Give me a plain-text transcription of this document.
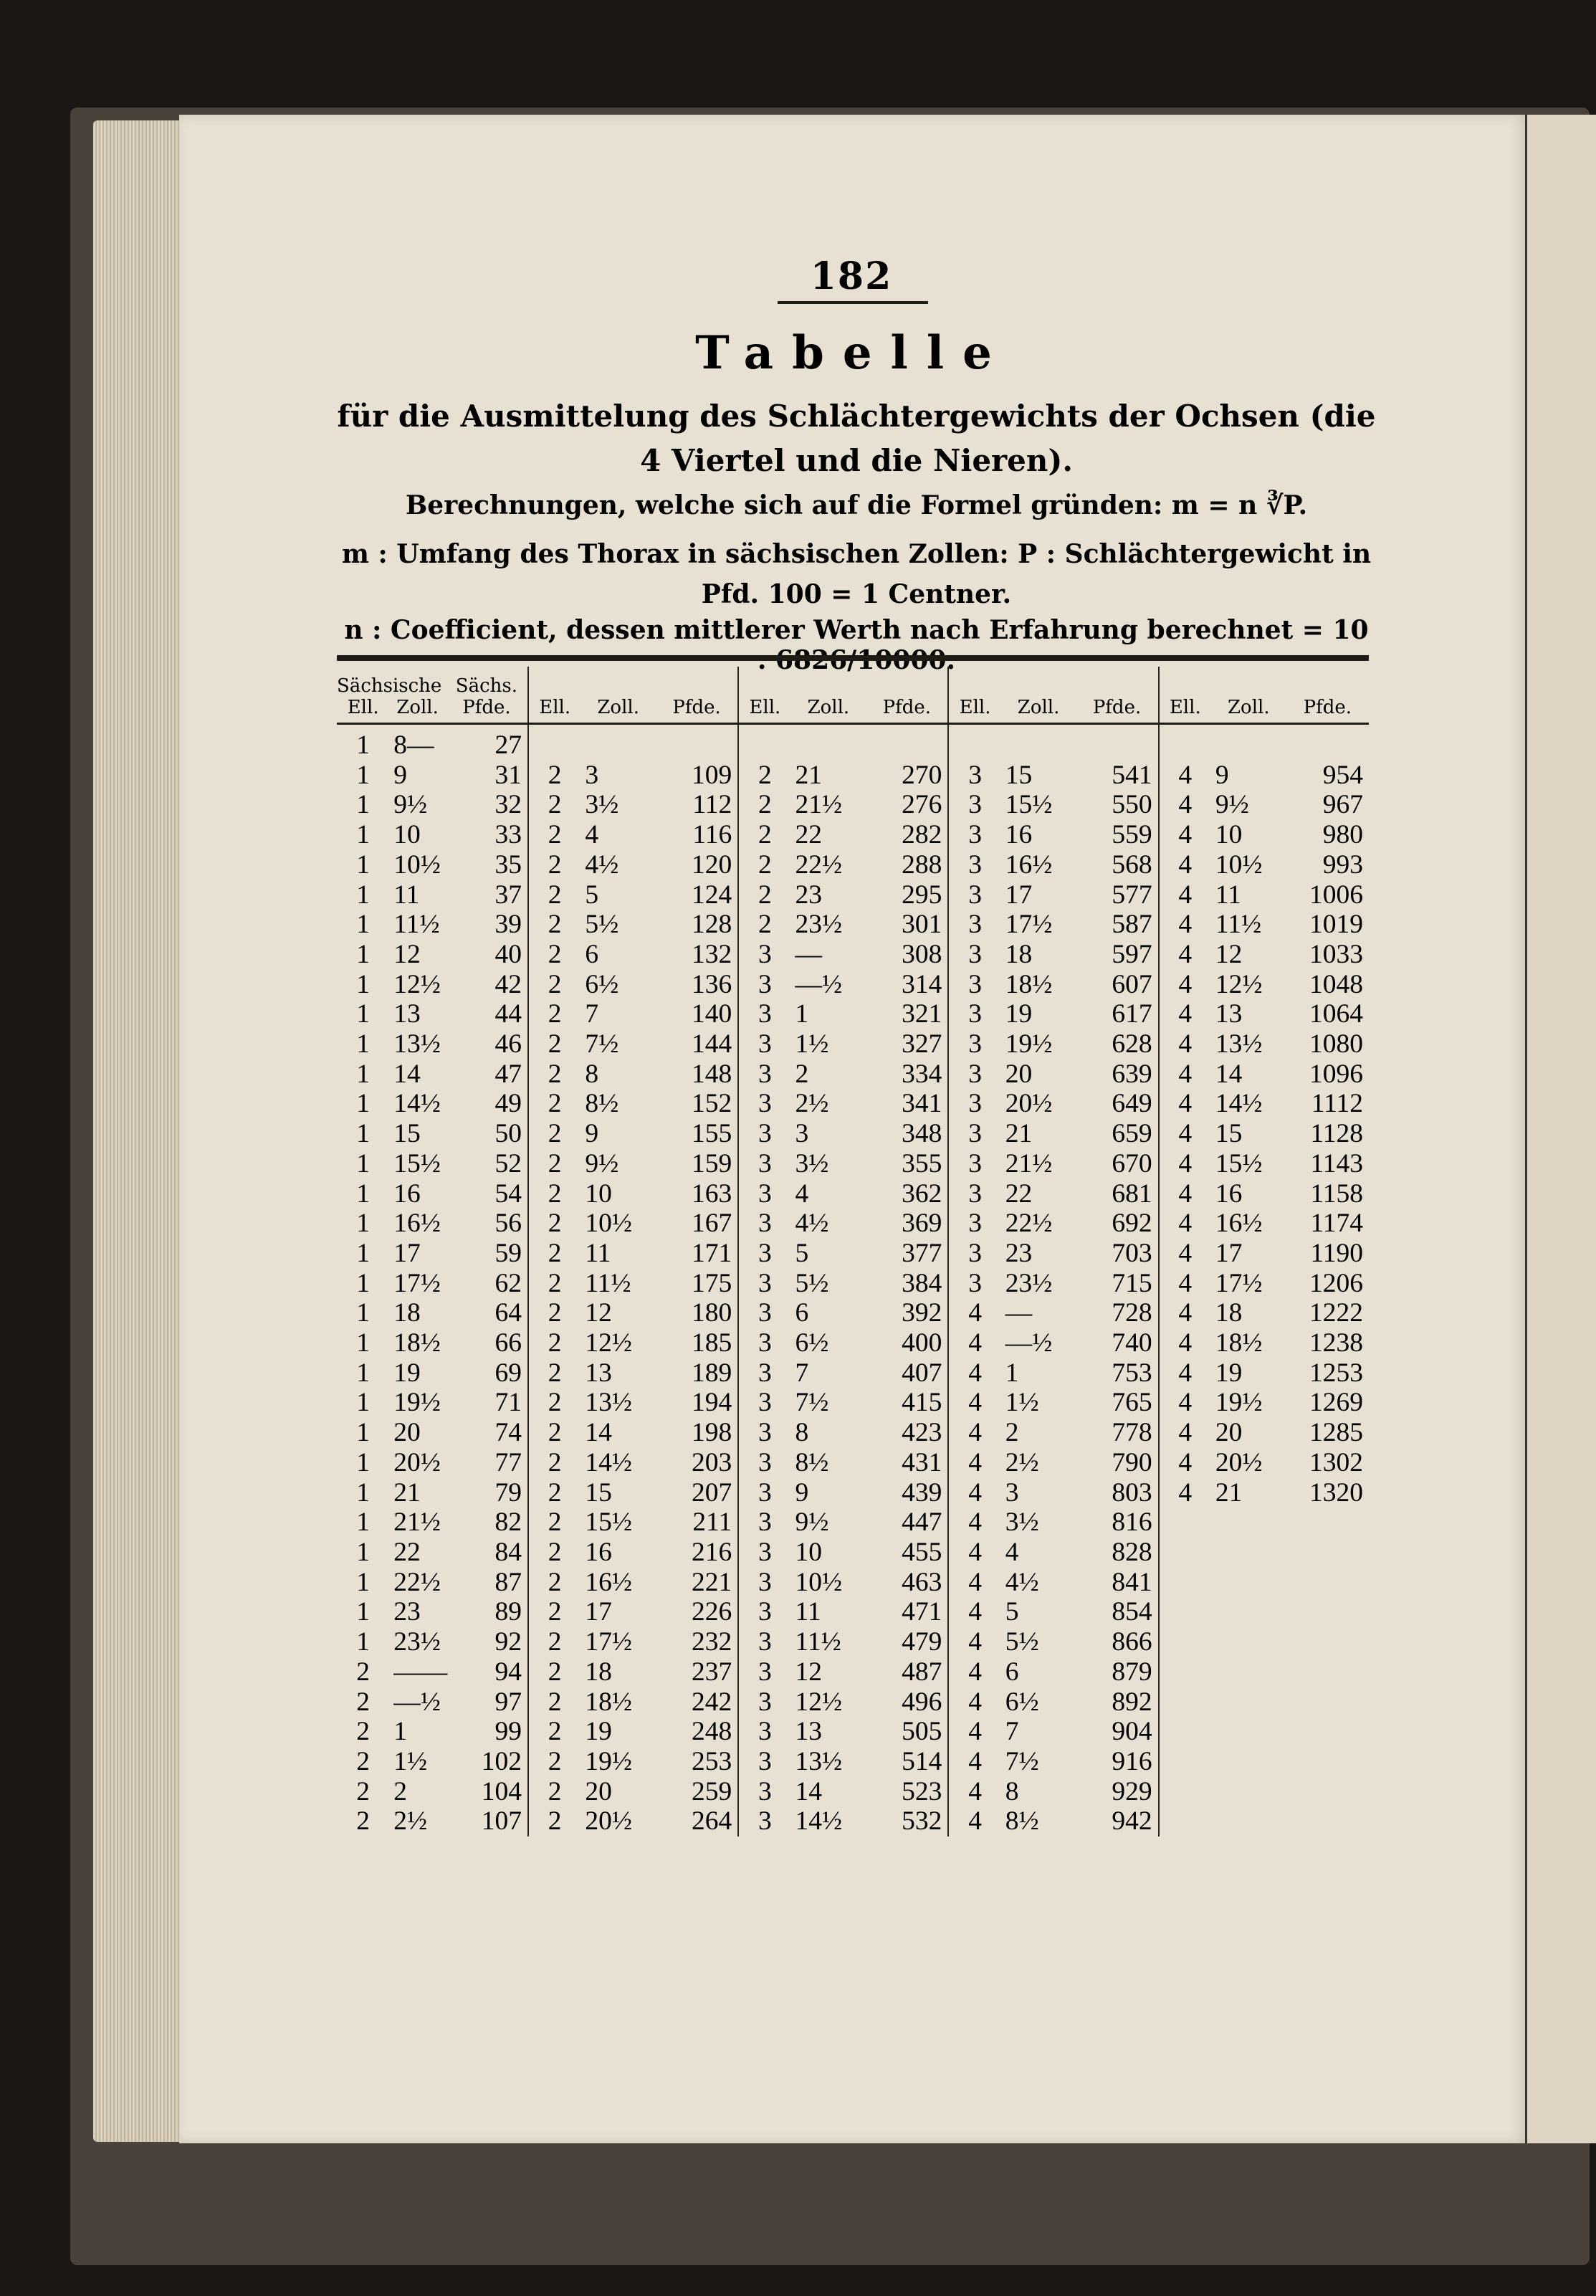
182
Tabelle
für die Ausmittelung des Schlächtergewichts der Ochsen (die 4 Viertel und die Nieren).
Berechnungen, welche sich auf die Formel gründen: m = n ∛P.
m : Umfang des Thorax in sächsischen Zollen: P : Schlächtergewicht in Pfd. 100 = 1 Centner.
n : Coefficient, dessen mittlerer Werth nach Erfahrung berechnet = 10
Sächsische Ell.	Zoll.	Sächs. Pfde.	Ell.	Zoll.	Pfde.	Ell.	Zoll.	Pfde.	Ell.	Zoll.	Pfde.	Ell.	Zoll.	Pfde.
1	8—	27												
1	9	31	2	3	109	2	21	270	3	15	541	4	9	954
1	9½	32	2	3½	112	2	21½	276	3	15½	550	4	9½	967
1	10	33	2	4	116	2	22	282	3	16	559	4	10	980
1	10½	35	2	4½	120	2	22½	288	3	16½	568	4	10½	993
1	11	37	2	5	124	2	23	295	3	17	577	4	11	1006
1	11½	39	2	5½	128	2	23½	301	3	17½	587	4	11½	1019
1	12	40	2	6	132	3	—	308	3	18	597	4	12	1033
1	12½	42	2	6½	136	3	—½	314	3	18½	607	4	12½	1048
1	13	44	2	7	140	3	1	321	3	19	617	4	13	1064
1	13½	46	2	7½	144	3	1½	327	3	19½	628	4	13½	1080
1	14	47	2	8	148	3	2	334	3	20	639	4	14	1096
1	14½	49	2	8½	152	3	2½	341	3	20½	649	4	14½	1112
1	15	50	2	9	155	3	3	348	3	21	659	4	15	1128
1	15½	52	2	9½	159	3	3½	355	3	21½	670	4	15½	1143
1	16	54	2	10	163	3	4	362	3	22	681	4	16	1158
1	16½	56	2	10½	167	3	4½	369	3	22½	692	4	16½	1174
1	17	59	2	11	171	3	5	377	3	23	703	4	17	1190
1	17½	62	2	11½	175	3	5½	384	3	23½	715	4	17½	1206
1	18	64	2	12	180	3	6	392	4	—	728	4	18	1222
1	18½	66	2	12½	185	3	6½	400	4	—½	740	4	18½	1238
1	19	69	2	13	189	3	7	407	4	1	753	4	19	1253
1	19½	71	2	13½	194	3	7½	415	4	1½	765	4	19½	1269
1	20	74	2	14	198	3	8	423	4	2	778	4	20	1285
1	20½	77	2	14½	203	3	8½	431	4	2½	790	4	20½	1302
1	21	79	2	15	207	3	9	439	4	3	803	4	21	1320
1	21½	82	2	15½	211	3	9½	447	4	3½	816			
1	22	84	2	16	216	3	10	455	4	4	828			
1	22½	87	2	16½	221	3	10½	463	4	4½	841			
1	23	89	2	17	226	3	11	471	4	5	854			
1	23½	92	2	17½	232	3	11½	479	4	5½	866			
2	——	94	2	18	237	3	12	487	4	6	879			
2	—½	97	2	18½	242	3	12½	496	4	6½	892			
2	1	99	2	19	248	3	13	505	4	7	904			
2	1½	102	2	19½	253	3	13½	514	4	7½	916			
2	2	104	2	20	259	3	14	523	4	8	929			
2	2½	107	2	20½	264	3	14½	532	4	8½	942			
